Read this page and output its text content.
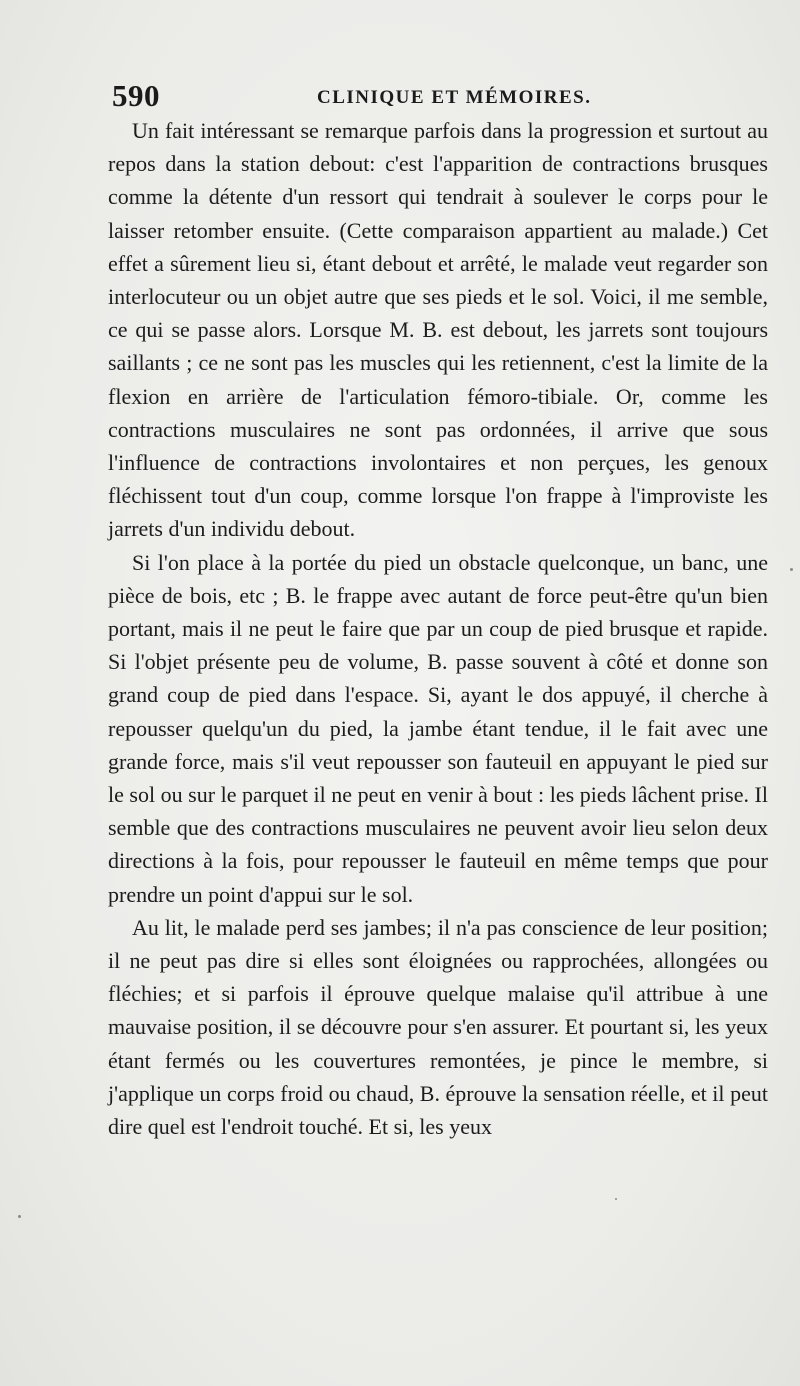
590	CLINIQUE ET MÉMOIRES.

Un fait intéressant se remarque parfois dans la progression et surtout au repos dans la station debout: c'est l'apparition de contractions brusques comme la détente d'un ressort qui tendrait à soulever le corps pour le laisser retomber ensuite. (Cette comparaison appartient au malade.) Cet effet a sûrement lieu si, étant debout et arrêté, le malade veut regarder son interlocuteur ou un objet autre que ses pieds et le sol. Voici, il me semble, ce qui se passe alors. Lorsque M. B. est debout, les jarrets sont toujours saillants ; ce ne sont pas les muscles qui les retiennent, c'est la limite de la flexion en arrière de l'articulation fémoro-tibiale. Or, comme les contractions musculaires ne sont pas ordonnées, il arrive que sous l'influence de contractions involontaires et non perçues, les genoux fléchissent tout d'un coup, comme lorsque l'on frappe à l'improviste les jarrets d'un individu debout.

Si l'on place à la portée du pied un obstacle quelconque, un banc, une pièce de bois, etc ; B. le frappe avec autant de force peut-être qu'un bien portant, mais il ne peut le faire que par un coup de pied brusque et rapide. Si l'objet présente peu de volume, B. passe souvent à côté et donne son grand coup de pied dans l'espace. Si, ayant le dos appuyé, il cherche à repousser quelqu'un du pied, la jambe étant tendue, il le fait avec une grande force, mais s'il veut repousser son fauteuil en appuyant le pied sur le sol ou sur le parquet il ne peut en venir à bout : les pieds lâchent prise. Il semble que des contractions musculaires ne peuvent avoir lieu selon deux directions à la fois, pour repousser le fauteuil en même temps que pour prendre un point d'appui sur le sol.

Au lit, le malade perd ses jambes; il n'a pas conscience de leur position; il ne peut pas dire si elles sont éloignées ou rapprochées, allongées ou fléchies; et si parfois il éprouve quelque malaise qu'il attribue à une mauvaise position, il se découvre pour s'en assurer. Et pourtant si, les yeux étant fermés ou les couvertures remontées, je pince le membre, si j'applique un corps froid ou chaud, B. éprouve la sensation réelle, et il peut dire quel est l'endroit touché. Et si, les yeux
